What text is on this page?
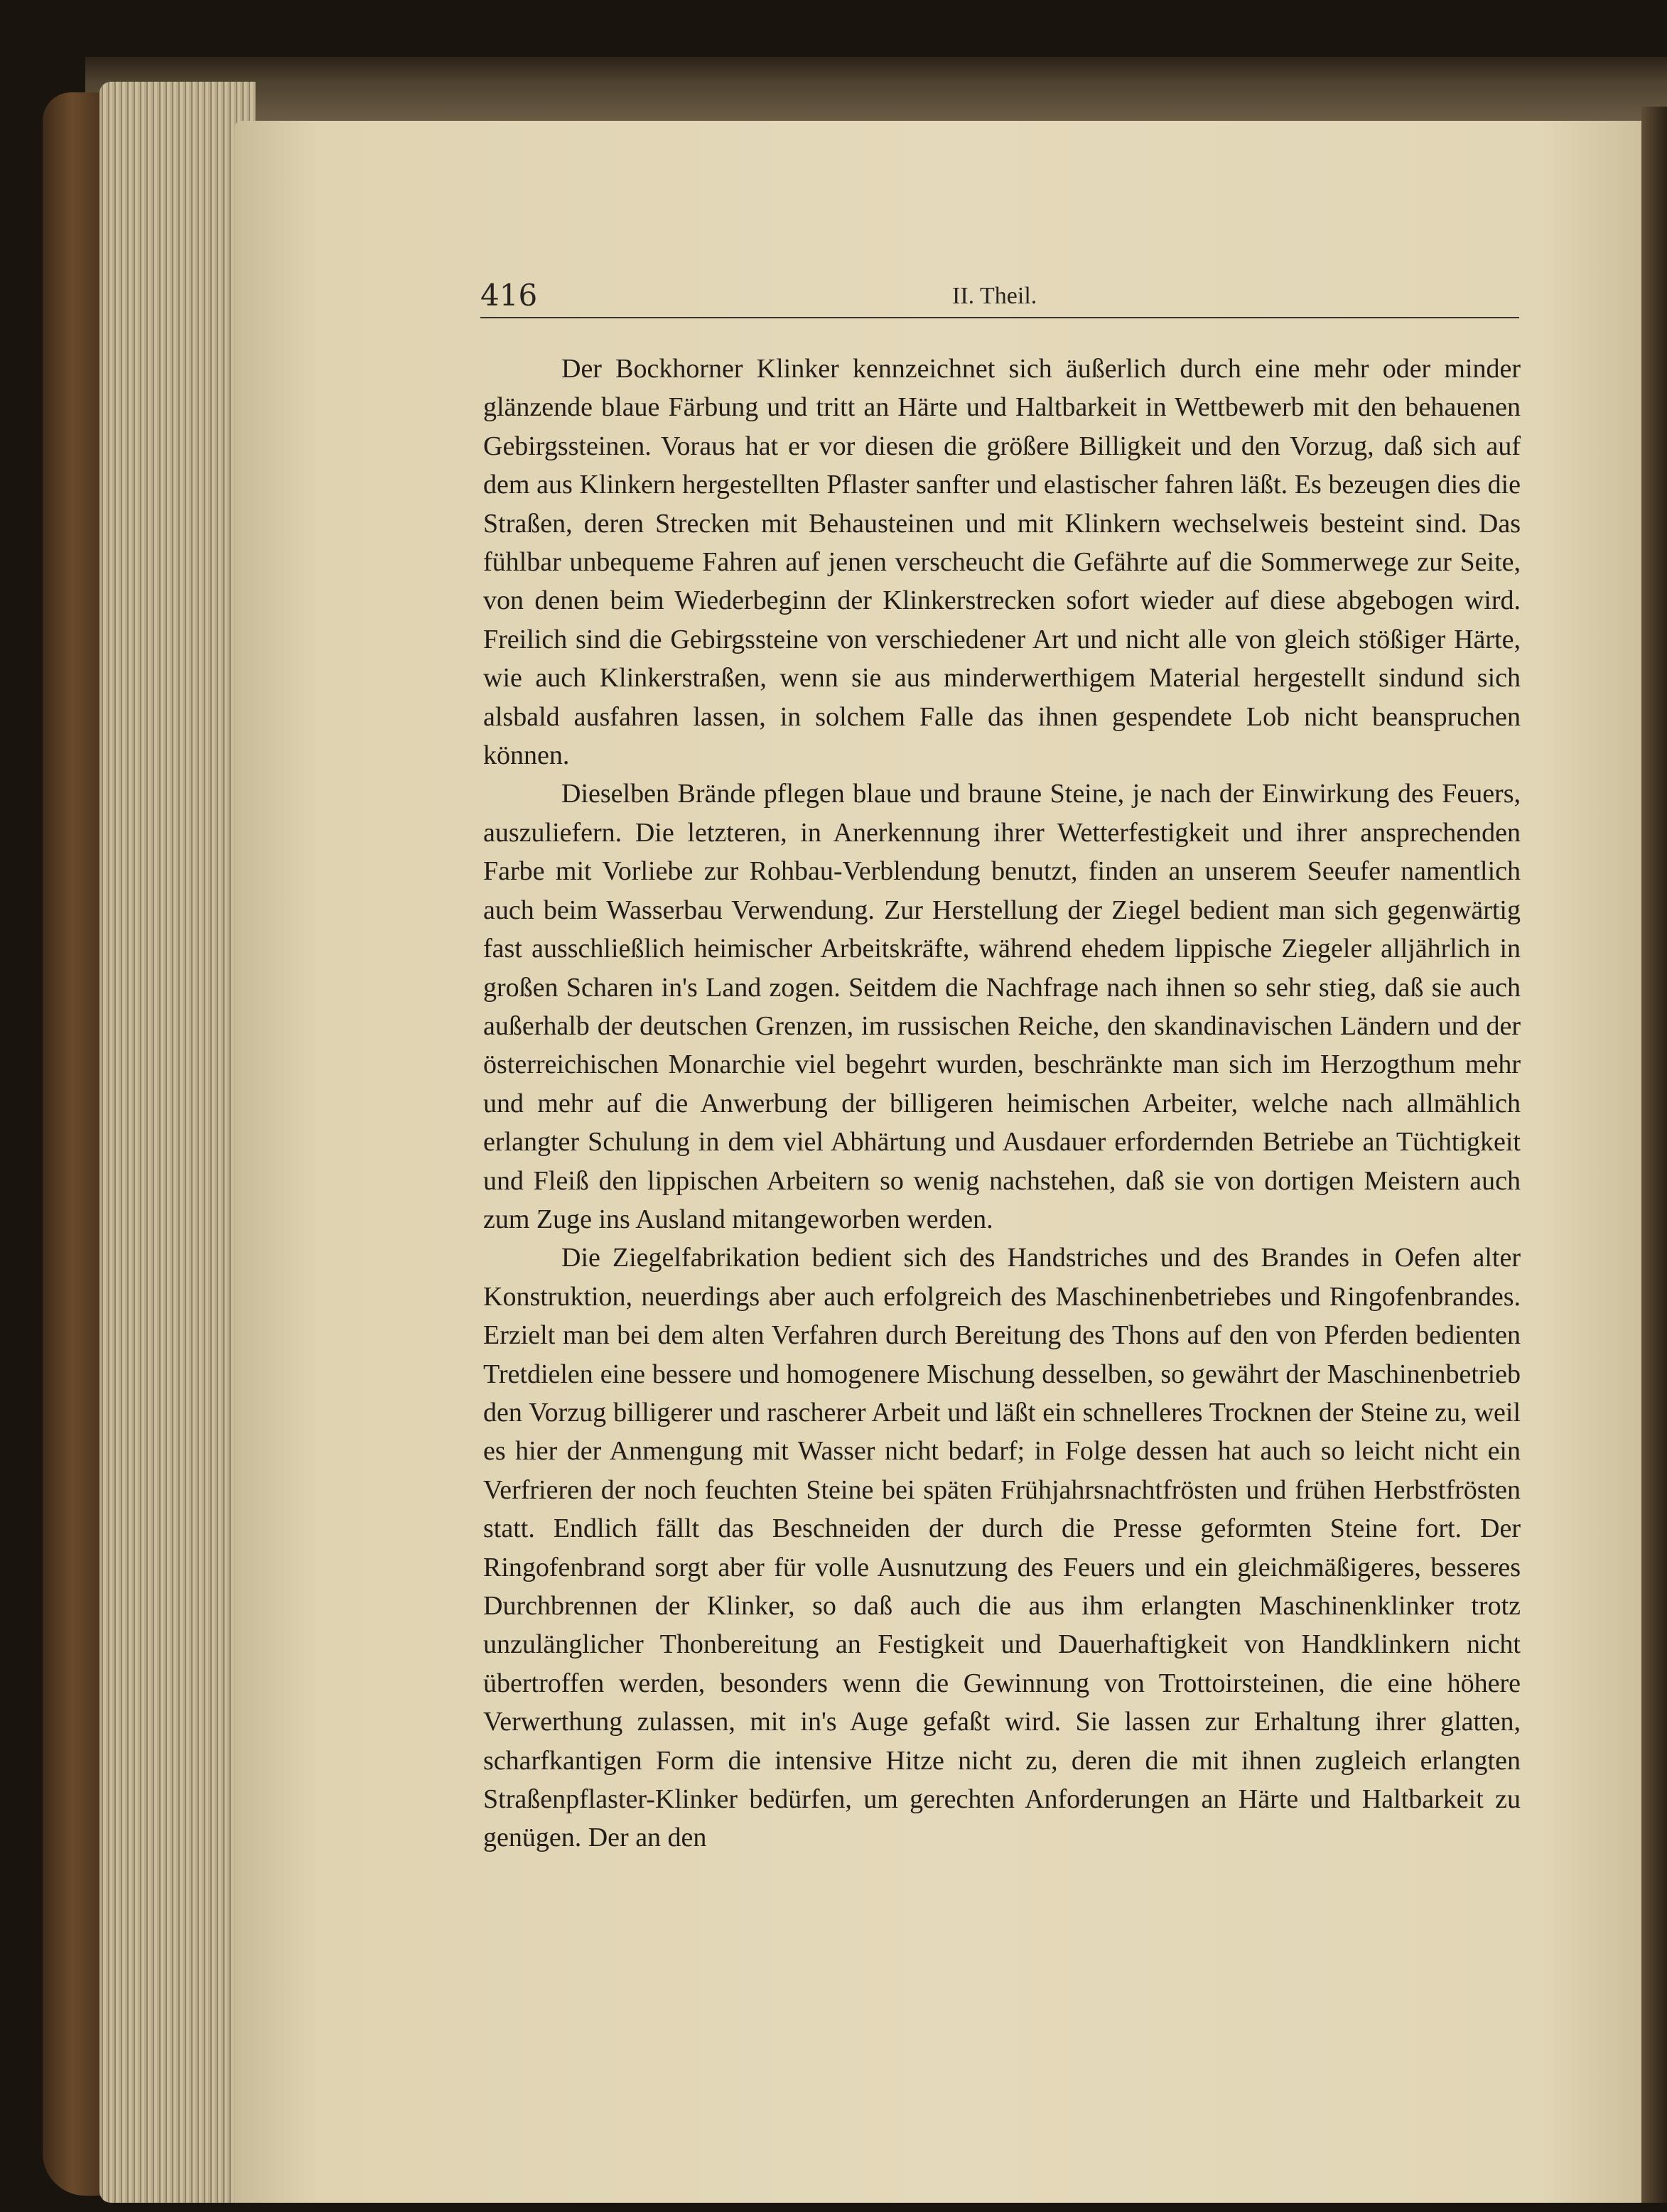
416	II. Theil.

Der Bockhorner Klinker kennzeichnet sich äußerlich durch eine mehr oder minder glänzende blaue Färbung und tritt an Härte und Haltbarkeit in Wettbewerb mit den behauenen Gebirgssteinen. Voraus hat er vor diesen die größere Billigkeit und den Vorzug, daß sich auf dem aus Klinkern hergestellten Pflaster sanfter und elastischer fahren läßt. Es bezeugen dies die Straßen, deren Strecken mit Behausteinen und mit Klinkern wechselweis besteint sind. Das fühlbar unbequeme Fahren auf jenen verscheucht die Gefährte auf die Sommerwege zur Seite, von denen beim Wiederbeginn der Klinkerstrecken sofort wieder auf diese abgebogen wird. Freilich sind die Gebirgssteine von verschiedener Art und nicht alle von gleich stößiger Härte, wie auch Klinkerstraßen, wenn sie aus minderwerthigem Material hergestellt sindund sich alsbald ausfahren lassen, in solchem Falle das ihnen gespendete Lob nicht beanspruchen können.

Dieselben Brände pflegen blaue und braune Steine, je nach der Einwirkung des Feuers, auszuliefern. Die letzteren, in Anerkennung ihrer Wetterfestigkeit und ihrer ansprechenden Farbe mit Vorliebe zur Rohbau-Verblendung benutzt, finden an unserem Seeufer namentlich auch beim Wasserbau Verwendung. Zur Herstellung der Ziegel bedient man sich gegenwärtig fast ausschließlich heimischer Arbeitskräfte, während ehedem lippische Ziegeler alljährlich in großen Scharen in's Land zogen. Seitdem die Nachfrage nach ihnen so sehr stieg, daß sie auch außerhalb der deutschen Grenzen, im russischen Reiche, den skandinavischen Ländern und der österreichischen Monarchie viel begehrt wurden, beschränkte man sich im Herzogthum mehr und mehr auf die Anwerbung der billigeren heimischen Arbeiter, welche nach allmählich erlangter Schulung in dem viel Abhärtung und Ausdauer erfordernden Betriebe an Tüchtigkeit und Fleiß den lippischen Arbeitern so wenig nachstehen, daß sie von dortigen Meistern auch zum Zuge ins Ausland mitangeworben werden.

Die Ziegelfabrikation bedient sich des Handstriches und des Brandes in Oefen alter Konstruktion, neuerdings aber auch erfolgreich des Maschinenbetriebes und Ringofenbrandes. Erzielt man bei dem alten Verfahren durch Bereitung des Thons auf den von Pferden bedienten Tretdielen eine bessere und homogenere Mischung desselben, so gewährt der Maschinenbetrieb den Vorzug billigerer und rascherer Arbeit und läßt ein schnelleres Trocknen der Steine zu, weil es hier der Anmengung mit Wasser nicht bedarf; in Folge dessen hat auch so leicht nicht ein Verfrieren der noch feuchten Steine bei späten Frühjahrsnachtfrösten und frühen Herbstfrösten statt. Endlich fällt das Beschneiden der durch die Presse geformten Steine fort. Der Ringofenbrand sorgt aber für volle Ausnutzung des Feuers und ein gleichmäßigeres, besseres Durchbrennen der Klinker, so daß auch die aus ihm erlangten Maschinenklinker trotz unzulänglicher Thonbereitung an Festigkeit und Dauerhaftigkeit von Handklinkern nicht übertroffen werden, besonders wenn die Gewinnung von Trottoirsteinen, die eine höhere Verwerthung zulassen, mit in's Auge gefaßt wird. Sie lassen zur Erhaltung ihrer glatten, scharfkantigen Form die intensive Hitze nicht zu, deren die mit ihnen zugleich erlangten Straßenpflaster-Klinker bedürfen, um gerechten Anforderungen an Härte und Haltbarkeit zu genügen. Der an den
